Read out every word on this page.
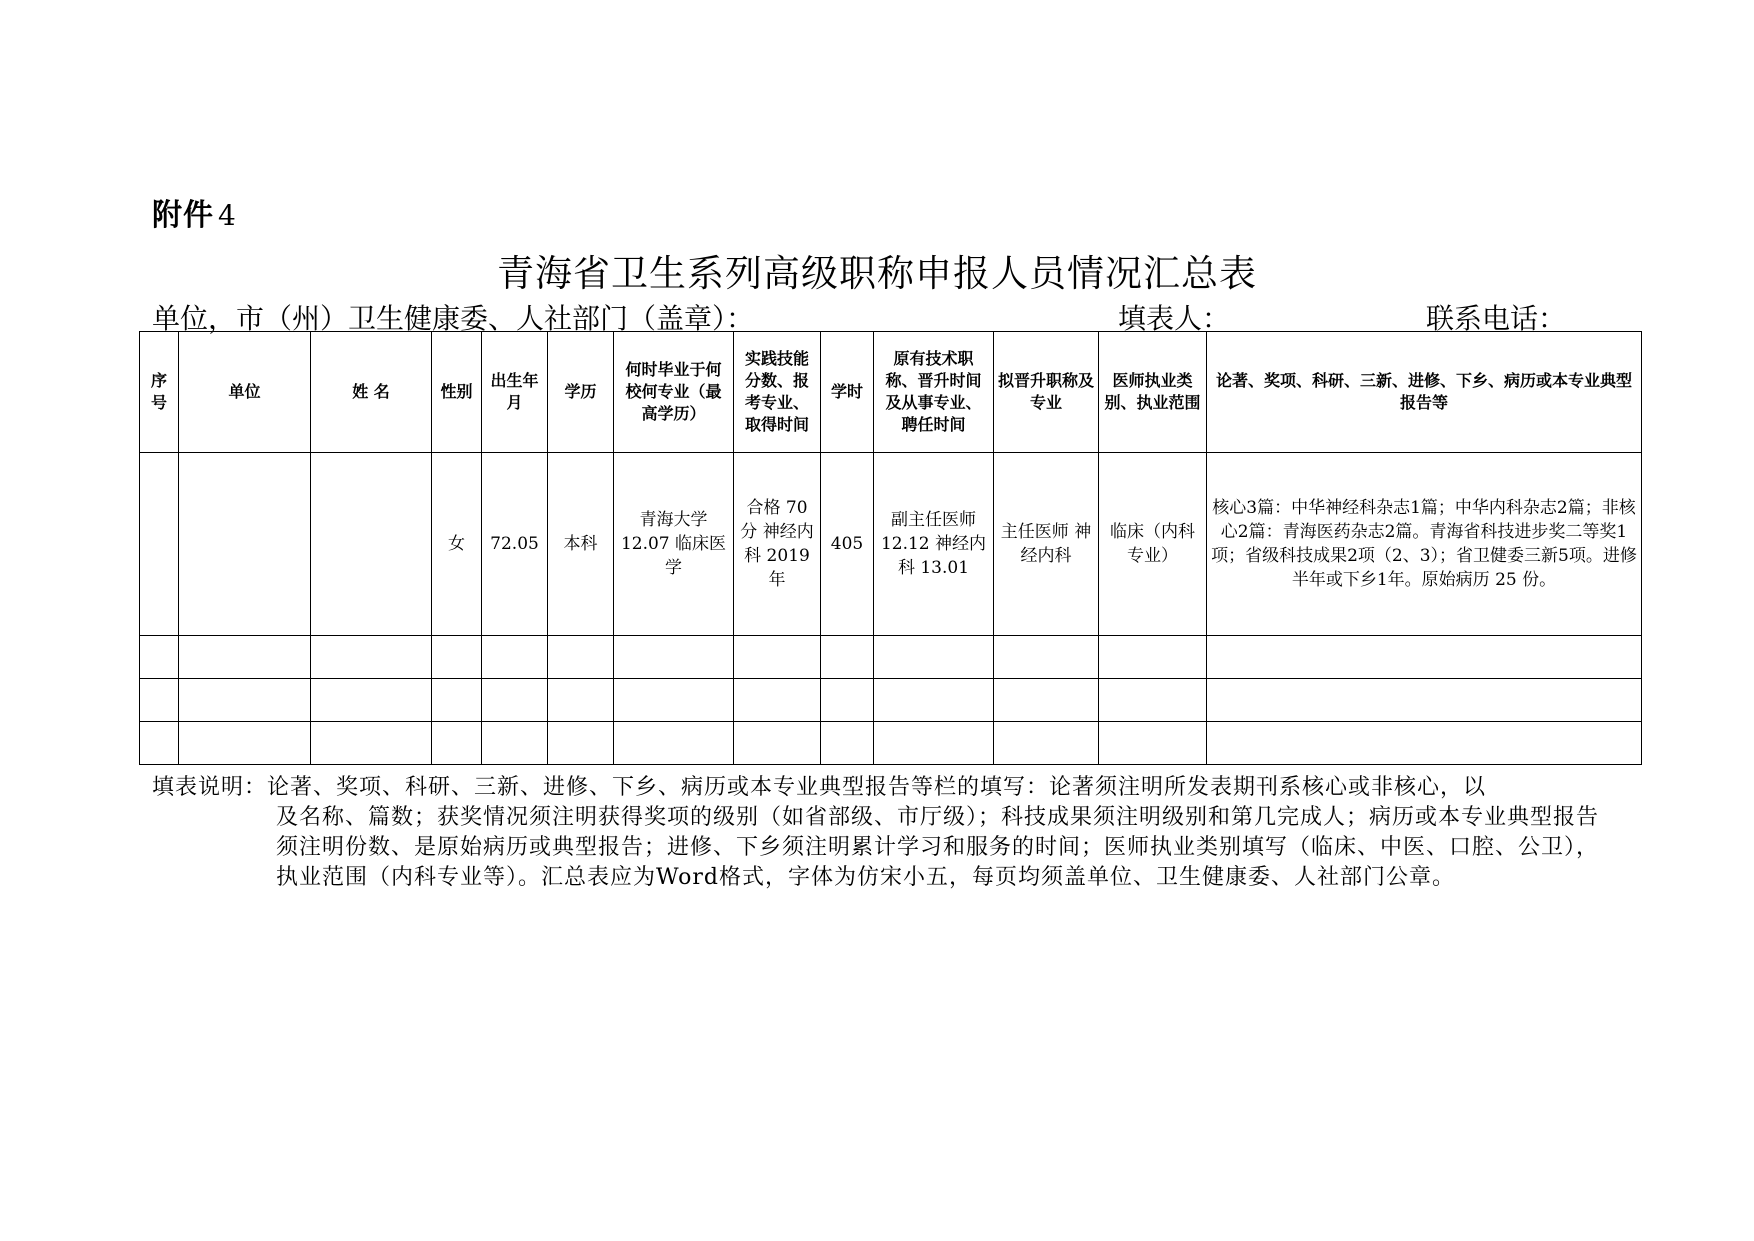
附件 4
青海省卫生系列高级职称申报人员情况汇总表
单位，市（州）卫生健康委、人社部门（盖章）：	填表人：	联系电话：
序号	单位	姓 名	性别	出生年月	学历	何时毕业于何校何专业（最高学历）	实践技能分数、报考专业、取得时间	学时	原有技术职称、晋升时间及从事专业、聘任时间	拟晋升职称及专业	医师执业类别、执业范围	论著、奖项、科研、三新、进修、下乡、病历或本专业典型报告等
			女	72.05	本科	青海大学 12.07 临床医学	合格 70分 神经内科 2019年	405	副主任医师 12.12 神经内科 13.01	主任医师 神经内科	临床（内科专业）	核心3篇：中华神经科杂志1篇；中华内科杂志2篇；非核心2篇：青海医药杂志2篇。青海省科技进步奖二等奖1项；省级科技成果2项（2、3）；省卫健委三新5项。进修半年或下乡1年。原始病历 25 份。

填表说明：论著、奖项、科研、三新、进修、下乡、病历或本专业典型报告等栏的填写：论著须注明所发表期刊系核心或非核心，以
及名称、篇数；获奖情况须注明获得奖项的级别（如省部级、市厅级）；科技成果须注明级别和第几完成人；病历或本专业典型报告须注明份数、是原始病历或典型报告；进修、下乡须注明累计学习和服务的时间；医师执业类别填写（临床、中医、口腔、公卫），执业范围（内科专业等）。汇总表应为Word格式，字体为仿宋小五，每页均须盖单位、卫生健康委、人社部门公章。
